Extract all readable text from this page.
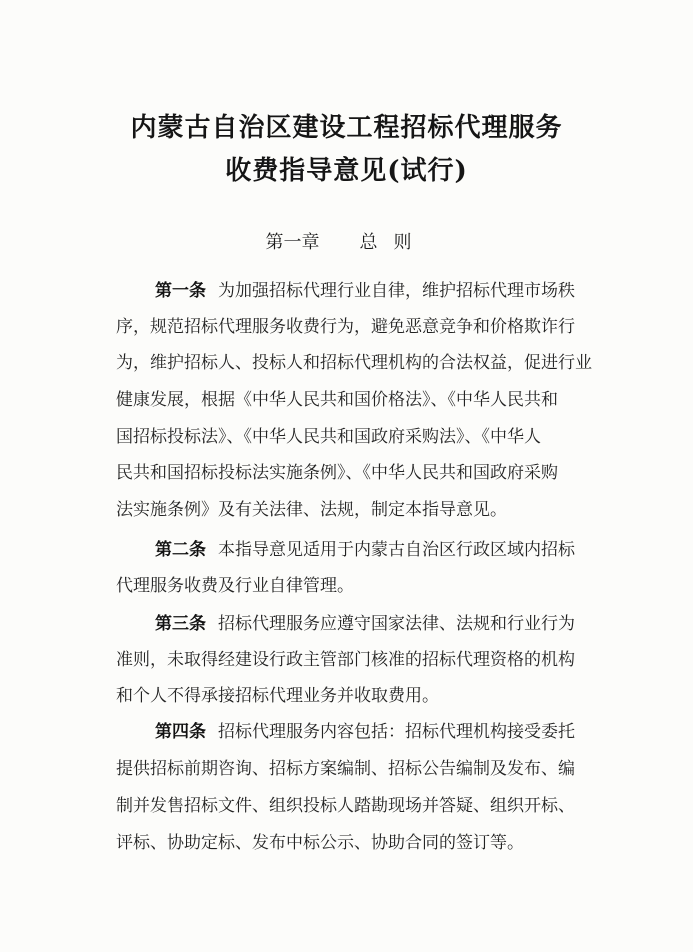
内蒙古自治区建设工程招标代理服务
收费指导意见(试行)
第一章 总则
第一条 为加强招标代理行业自律，维护招标代理市场秩
序，规范招标代理服务收费行为，避免恶意竞争和价格欺诈行
为，维护招标人、投标人和招标代理机构的合法权益，促进行业
健康发展，根据《中华人民共和国价格法》、《中华人民共和
国招标投标法》、《中华人民共和国政府采购法》、《中华人
民共和国招标投标法实施条例》、《中华人民共和国政府采购
法实施条例》及有关法律、法规，制定本指导意见。
第二条 本指导意见适用于内蒙古自治区行政区域内招标
代理服务收费及行业自律管理。
第三条 招标代理服务应遵守国家法律、法规和行业行为
准则，未取得经建设行政主管部门核准的招标代理资格的机构
和个人不得承接招标代理业务并收取费用。
第四条 招标代理服务内容包括：招标代理机构接受委托
提供招标前期咨询、招标方案编制、招标公告编制及发布、编
制并发售招标文件、组织投标人踏勘现场并答疑、组织开标、
评标、协助定标、发布中标公示、协助合同的签订等。
